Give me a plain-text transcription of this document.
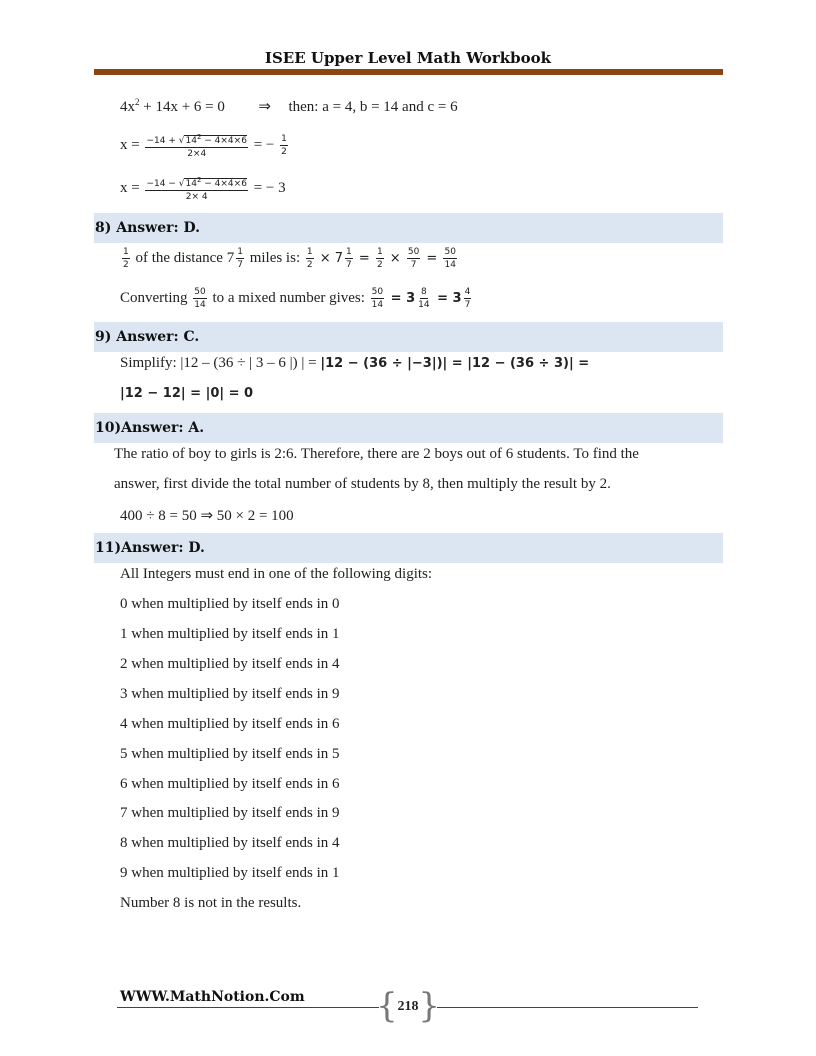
ISEE Upper Level Math Workbook
$4x^2 + 14x + 6 = 0$ ⇒ then: a = 4, b = 14 and c = 6
$x = \frac{-14 + √14^2 - 4\times 4\times 6}{2\times 4}$ = − $\frac{1}{2}$
$x = \frac{-14 - √14^2 - 4\times 4\times 6}{2\times 4}$ = − 3
8) Answer: D.
$\frac{1}{2}$ of the distance $7 \frac{1}{7}$ miles is: $\frac{1}{2} \times 7 \frac{1}{7} = \frac{1}{2} \times \frac{50}{7} = \frac{50}{14}$
Converting $\frac{50}{14}$ to a mixed number gives: $\frac{50}{14} = 3 \frac{8}{14} = 3 \frac{4}{7}$
9) Answer: C.
Simplify: |12 – (36 ÷ | 3 – 6 |) | = |12 − (36 ÷ |−3|)| = |12 − (36 ÷ 3)| =
|12 − 12| = |0| = 0
10)Answer: A.
The ratio of boy to girls is 2:6. Therefore, there are 2 boys out of 6 students. To find the
answer, first divide the total number of students by 8, then multiply the result by 2.
400 ÷ 8 = 50 ⇒ 50 × 2 = 100
11)Answer: D.
All Integers must end in one of the following digits:
0 when multiplied by itself ends in 0
1 when multiplied by itself ends in 1
2 when multiplied by itself ends in 4
3 when multiplied by itself ends in 9
4 when multiplied by itself ends in 6
5 when multiplied by itself ends in 5
6 when multiplied by itself ends in 6
7 when multiplied by itself ends in 9
8 when multiplied by itself ends in 4
9 when multiplied by itself ends in 1
Number 8 is not in the results.
WWW.MathNotion.Com { 218 }
